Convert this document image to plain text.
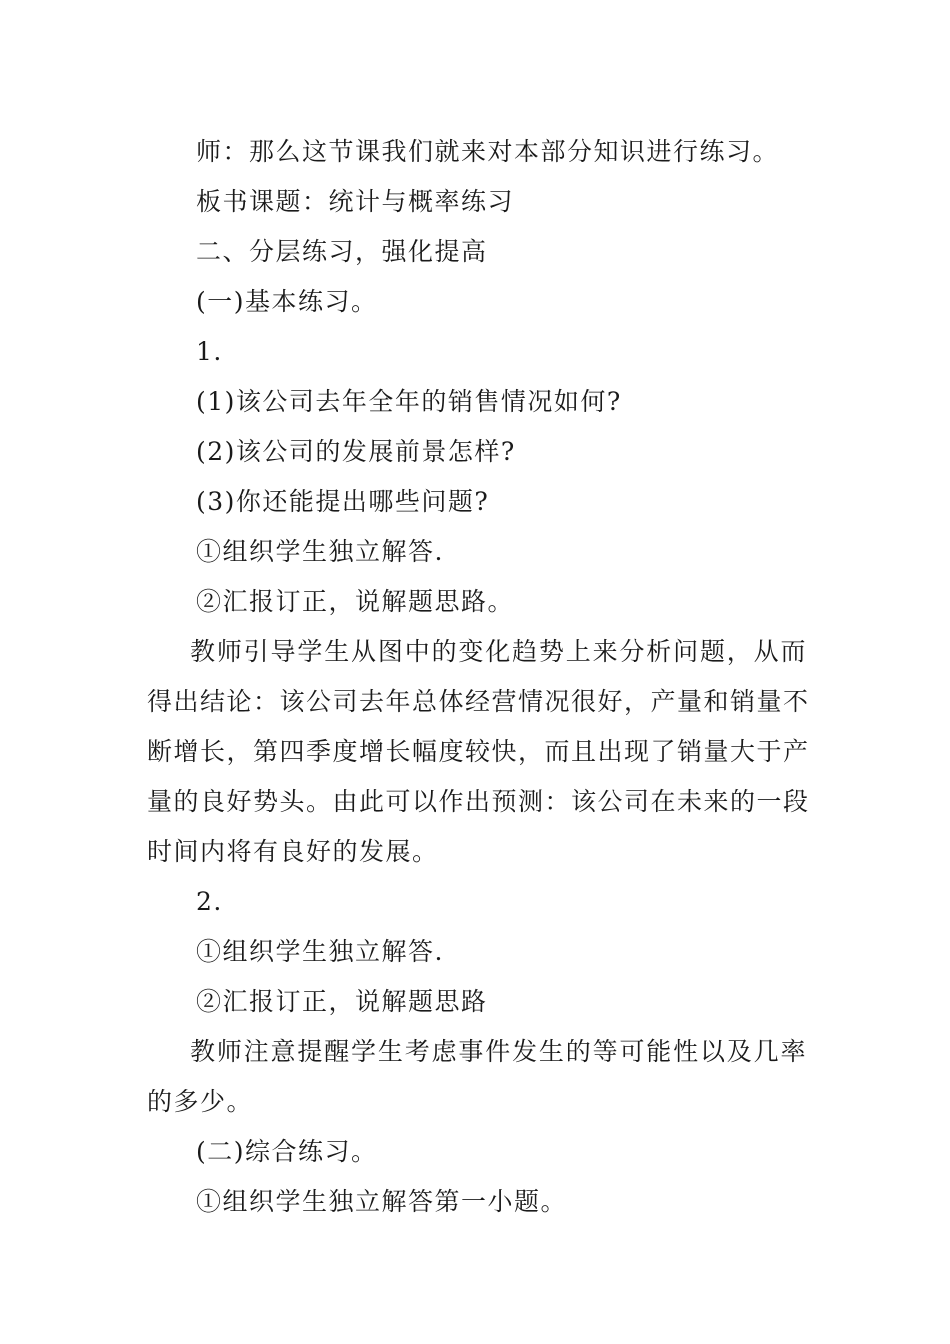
师：那么这节课我们就来对本部分知识进行练习。
板书课题：统计与概率练习
二、分层练习，强化提高
(一)基本练习。
1.
(1)该公司去年全年的销售情况如何?
(2)该公司的发展前景怎样?
(3)你还能提出哪些问题?
①组织学生独立解答.
②汇报订正，说解题思路。
教师引导学生从图中的变化趋势上来分析问题，从而
得出结论：该公司去年总体经营情况很好，产量和销量不
断增长，第四季度增长幅度较快，而且出现了销量大于产
量的良好势头。由此可以作出预测：该公司在未来的一段
时间内将有良好的发展。
2.
①组织学生独立解答.
②汇报订正，说解题思路
教师注意提醒学生考虑事件发生的等可能性以及几率
的多少。
(二)综合练习。
①组织学生独立解答第一小题。
